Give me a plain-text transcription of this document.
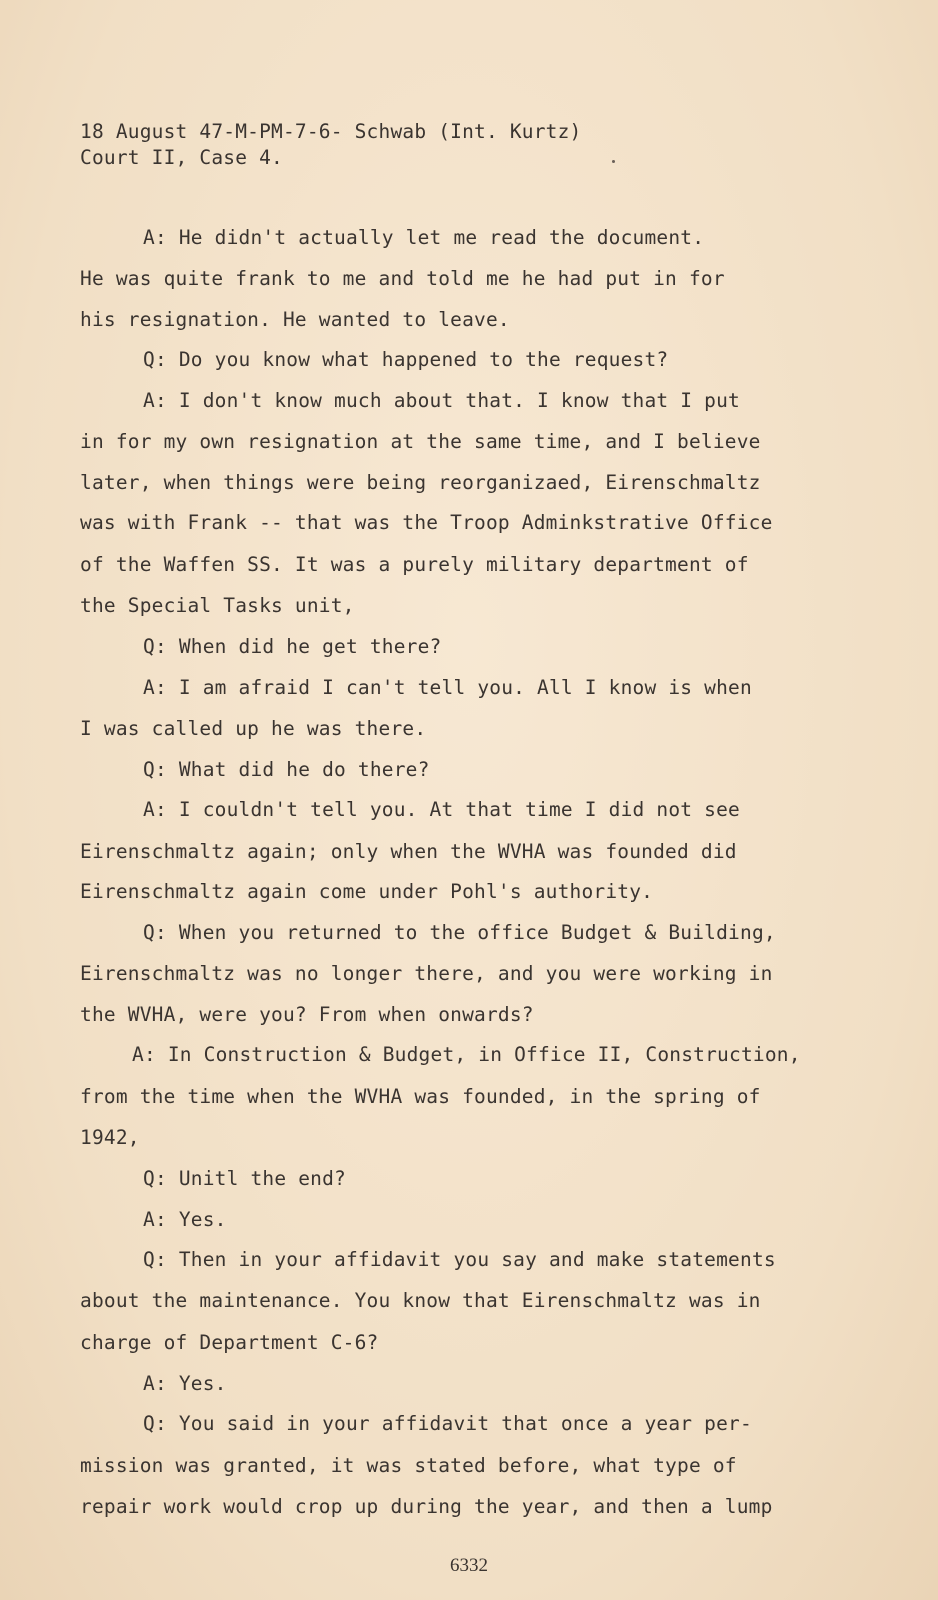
18 August 47-M-PM-7-6- Schwab (Int. Kurtz)
Court II, Case 4.
A: He didn't actually let me read the document.
He was quite frank to me and told me he had put in for
his resignation. He wanted to leave.
Q: Do you know what happened to the request?
A: I don't know much about that. I know that I put
in for my own resignation at the same time, and I believe
later, when things were being reorganizaed, Eirenschmaltz
was with Frank -- that was the Troop Adminkstrative Office
of the Waffen SS. It was a purely military department of
the Special Tasks unit,
Q: When did he get there?
A: I am afraid I can't tell you. All I know is when
I was called up he was there.
Q: What did he do there?
A: I couldn't tell you. At that time I did not see
Eirenschmaltz again; only when the WVHA was founded did
Eirenschmaltz again come under Pohl's authority.
Q: When you returned to the office Budget & Building,
Eirenschmaltz was no longer there, and you were working in
the WVHA, were you? From when onwards?
A: In Construction & Budget, in Office II, Construction,
from the time when the WVHA was founded, in the spring of
1942,
Q: Unitl the end?
A: Yes.
Q: Then in your affidavit you say and make statements
about the maintenance. You know that Eirenschmaltz was in
charge of Department C-6?
A: Yes.
Q: You said in your affidavit that once a year per-
mission was granted, it was stated before, what type of
repair work would crop up during the year, and then a lump
6332
